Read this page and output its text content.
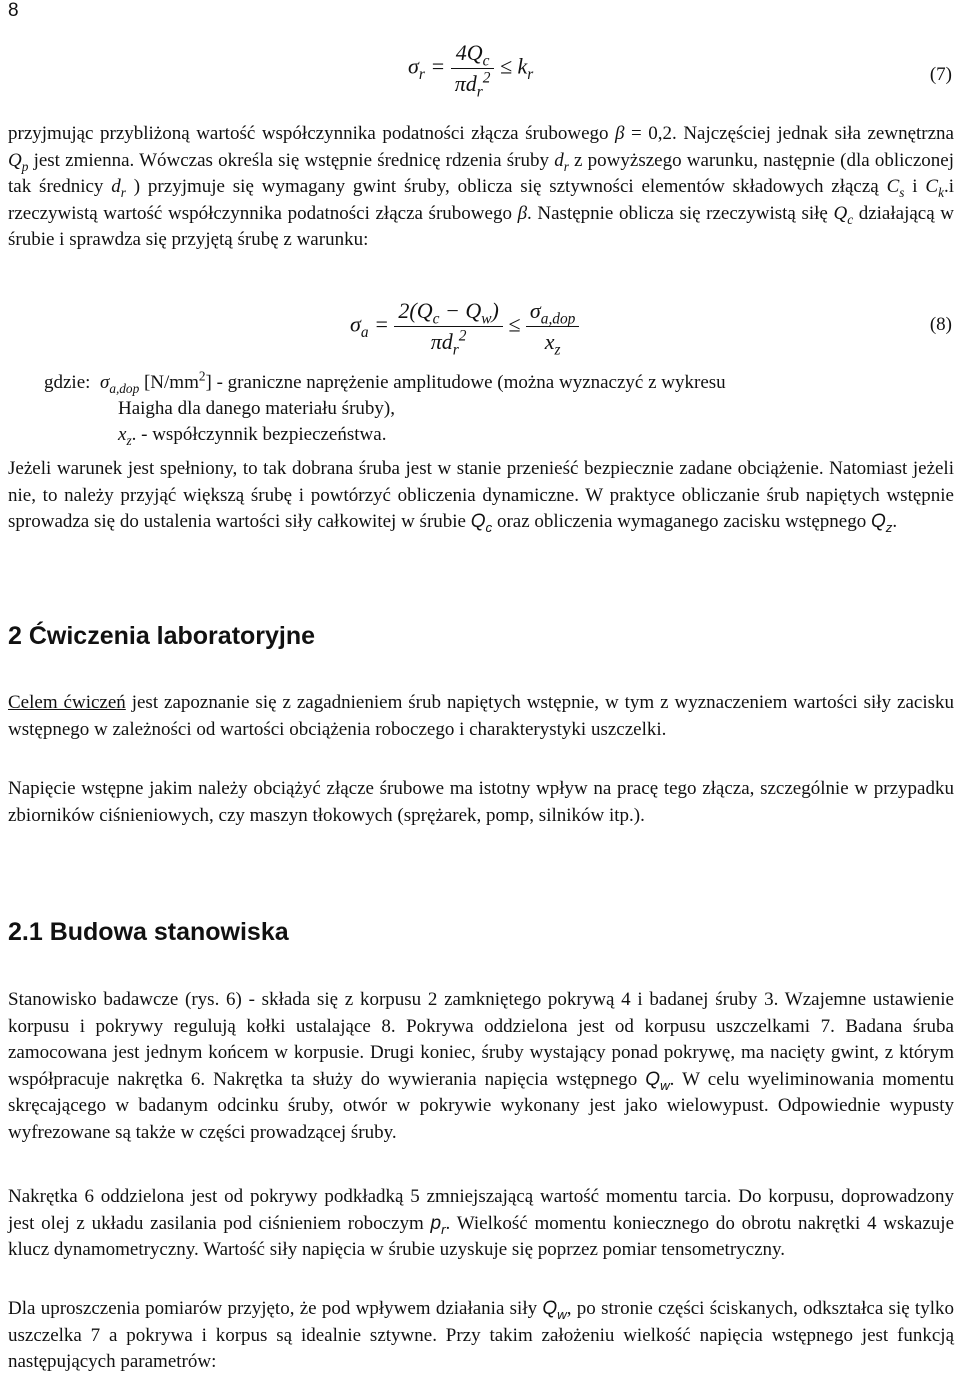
8
$\sigma_r = \frac{4Q_c}{\pi d_r^2} \le k_r$	(7)

przyjmując przybliżoną wartość współczynnika podatności złącza śrubowego β = 0,2. Najczęściej jednak siła zewnętrzna $Q_p$ jest zmienna. Wówczas określa się wstępnie średnicę rdzenia śruby $d_r$ z powyższego warunku, następnie (dla obliczonej tak średnicy $d_r$ ) przyjmuje się wymagany gwint śruby, oblicza się sztywności elementów składowych złączą $C_s$ i $C_k.i$ rzeczywistą wartość współczynnika podatności złącza śrubowego β. Następnie oblicza się rzeczywistą siłę $Q_c$ działającą w śrubie i sprawdza się przyjętą śrubę z warunku:

$\sigma_a = \frac{2(Q_c - Q_w)}{\pi d_r^2} \le \frac{\sigma_{a,dop}}{x_z}$	(8)
gdzie: $\sigma_{a,dop}$ $[N/mm^2]$ - graniczne naprężenie amplitudowe (można wyznaczyć z wykresu
Haigha dla danego materiału śruby),
$x_z$. - współczynnik bezpieczeństwa.

Jeżeli warunek jest spełniony, to tak dobrana śruba jest w stanie przenieść bezpiecznie zadane obciążenie. Natomiast jeżeli nie, to należy przyjąć większą śrubę i powtórzyć obliczenia dynamiczne. W praktyce obliczanie śrub napiętych wstępnie sprowadza się do ustalenia wartości siły całkowitej w śrubie $Q_c$ oraz obliczenia wymaganego zacisku wstępnego $Q_z$.

2 Ćwiczenia laboratoryjne

Celem ćwiczeń jest zapoznanie się z zagadnieniem śrub napiętych wstępnie, w tym z wyznaczeniem wartości siły zacisku wstępnego w zależności od wartości obciążenia roboczego i charakterystyki uszczelki.

Napięcie wstępne jakim należy obciążyć złącze śrubowe ma istotny wpływ na pracę tego złącza, szczególnie w przypadku zbiorników ciśnieniowych, czy maszyn tłokowych (sprężarek, pomp, silników itp.).

2.1 Budowa stanowiska

Stanowisko badawcze (rys. 6) - składa się z korpusu 2 zamkniętego pokrywą 4 i badanej śruby 3. Wzajemne ustawienie korpusu i pokrywy regulują kołki ustalające 8. Pokrywa oddzielona jest od korpusu uszczelkami 7. Badana śruba zamocowana jest jednym końcem w korpusie. Drugi koniec, śruby wystający ponad pokrywę, ma nacięty gwint, z którym współpracuje nakrętka 6. Nakrętka ta służy do wywierania napięcia wstępnego $Q_w$. W celu wyeliminowania momentu skręcającego w badanym odcinku śruby, otwór w pokrywie wykonany jest jako wielowypust. Odpowiednie wypusty wyfrezowane są także w części prowadzącej śruby.

Nakrętka 6 oddzielona jest od pokrywy podkładką 5 zmniejszającą wartość momentu tarcia. Do korpusu, doprowadzony jest olej z układu zasilania pod ciśnieniem roboczym $p_r$. Wielkość momentu koniecznego do obrotu nakrętki 4 wskazuje klucz dynamometryczny. Wartość siły napięcia w śrubie uzyskuje się poprzez pomiar tensometryczny.

Dla uproszczenia pomiarów przyjęto, że pod wpływem działania siły $Q_w$, po stronie części ściskanych, odkształca się tylko uszczelka 7 a pokrywa i korpus są idealnie sztywne. Przy takim założeniu wielkość napięcia wstępnego jest funkcją następujących parametrów:
